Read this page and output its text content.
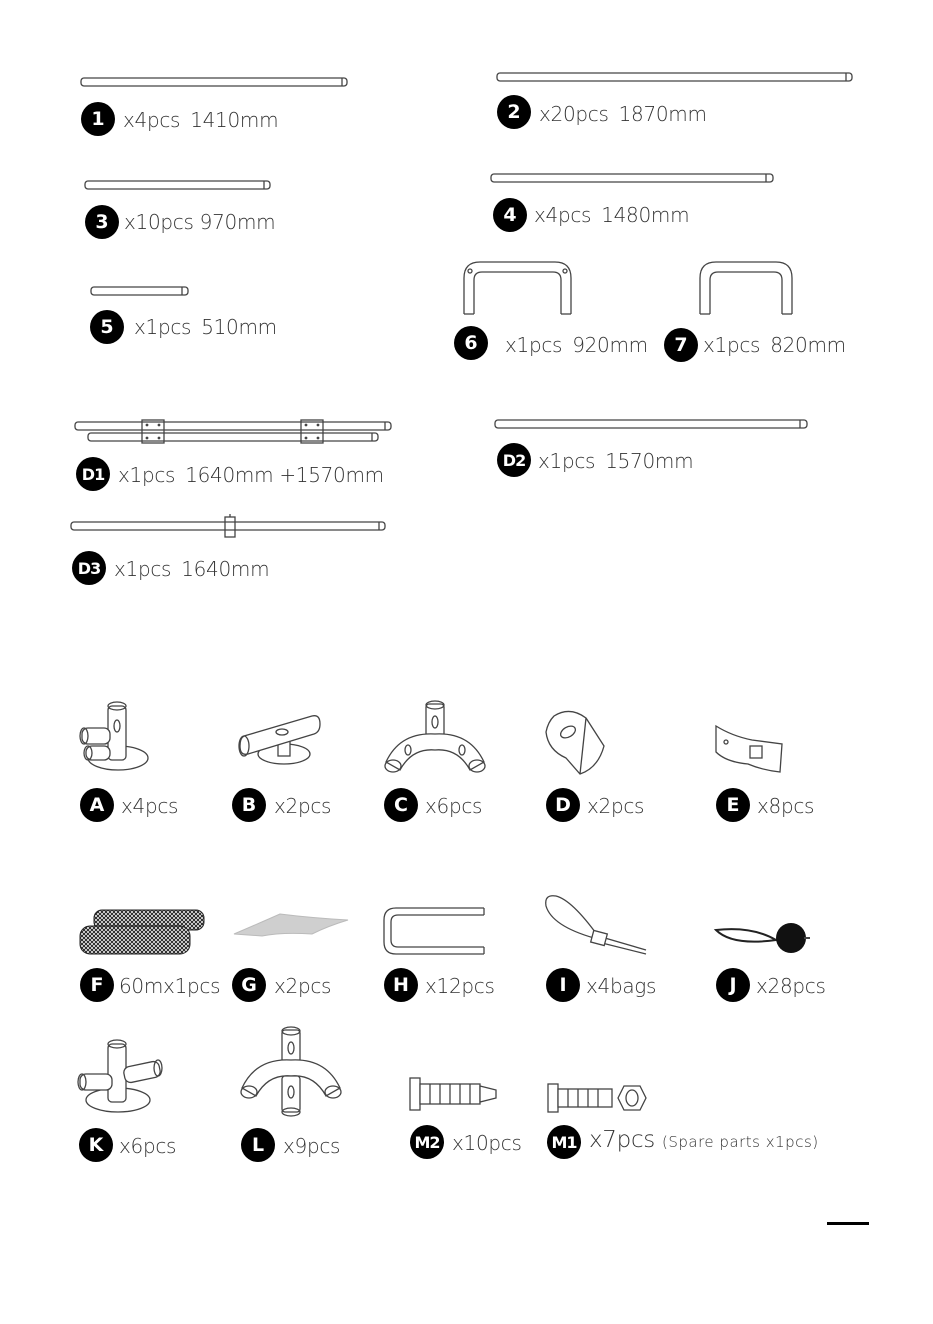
1 x4pcs 1410mm	2 x20pcs 1870mm
3 x10pcs 970mm	4 x4pcs 1480mm
5	x1pcs 510mm
6	x1pcs 920mm	7 x1pcs 820mm
D1 x1pcs 1640mm +1570mm
D2 x1pcs 1570mm
D3 x1pcs 1640mm
A x4pcs	B x2pcs	C x6pcs	D x2pcs	E x8pcs
F 60mx1pcs	G x2pcs	H x12pcs	I x4bags	J x28pcs
K x6pcs	L x9pcs	M2 x10pcs M1 x7pcs (Spare parts x1pcs)
